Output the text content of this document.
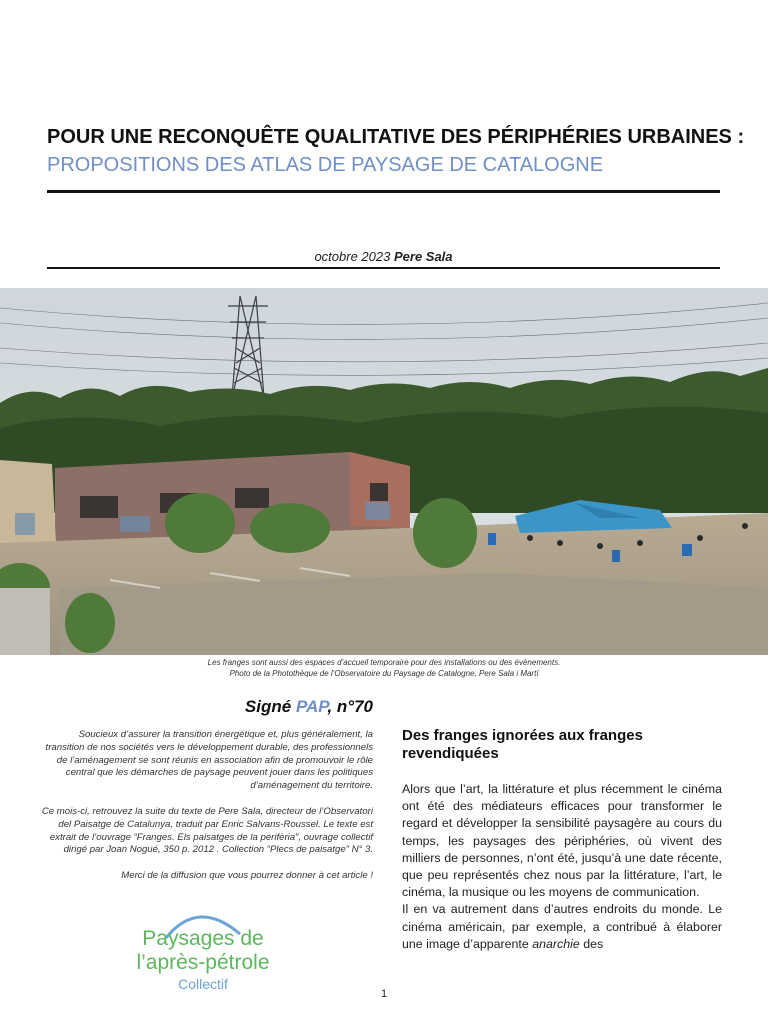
POUR UNE RECONQUÊTE QUALITATIVE DES PÉRIPHÉRIES URBAINES :
PROPOSITIONS DES ATLAS DE PAYSAGE DE CATALOGNE
octobre 2023 Pere Sala
Les franges sont aussi des espaces d’accueil temporaire pour des installations ou des évènements.
Photo de la Photothèque de l’Observatoire du Paysage de Catalogne, Pere Sala i Martí
Signé PAP, n°70

Soucieux d’assurer la transition énergétique et, plus généralement, la transition de nos sociétés vers le développement durable, des professionnels de l’aménagement se sont réunis en association afin de promouvoir le rôle central que les démarches de paysage peuvent jouer dans les politiques d’aménagement du territoire.

Ce mois-ci, retrouvez la suite du texte de Pere Sala, directeur de l’Observatori del Paisatge de Catalunya, traduit par Enric Salvans-Roussel. Le texte est extrait de l’ouvrage “Franges. Els paisatges de la perifèria”, ouvrage collectif dirigé par Joan Nogué, 350 p. 2012 . Collection “Plecs de paisatge” N° 3.

Merci de la diffusion que vous pourrez donner à cet article !

Paysages de
l’après-pétrole
Collectif
Des franges ignorées aux franges revendiquées

Alors que l’art, la littérature et plus récemment le cinéma ont été des médiateurs efficaces pour transformer le regard et développer la sensibilité paysagère au cours du temps, les paysages des périphéries, où vivent des milliers de personnes, n’ont été, jusqu’à une date récente, que peu représentés chez nous par la littérature, l’art, le cinéma, la musique ou les moyens de communication.

Il en va autrement dans d’autres endroits du monde. Le cinéma américain, par exemple, a contribué à élaborer une image d’apparente anarchie des

1
